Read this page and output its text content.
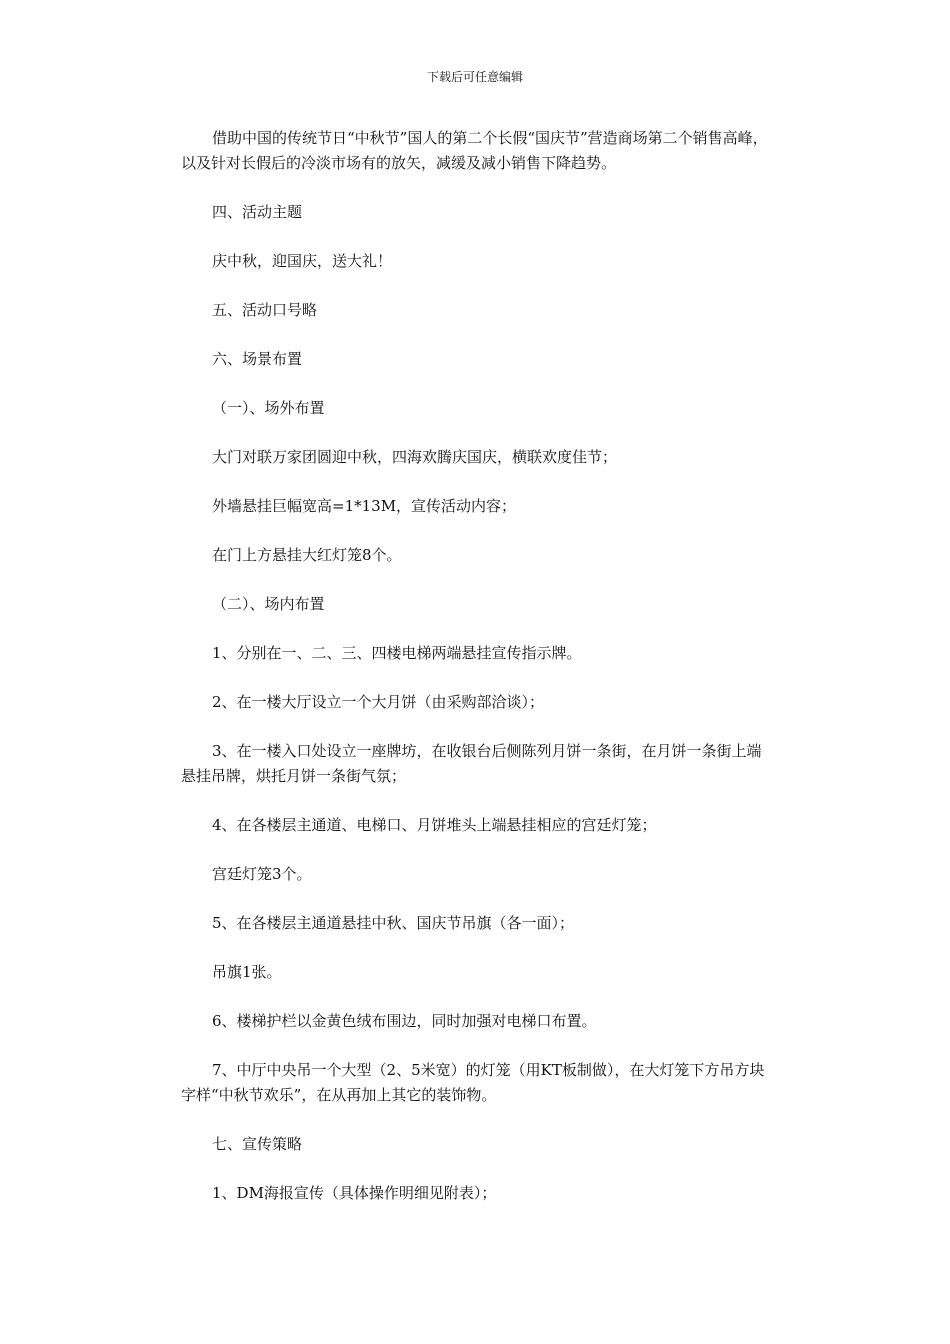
下载后可任意编辑

借助中国的传统节日“中秋节”国人的第二个长假“国庆节”营造商场第二个销售高峰，以及针对长假后的冷淡市场有的放矢，减缓及减小销售下降趋势。

四、活动主题

庆中秋，迎国庆，送大礼！

五、活动口号略

六、场景布置

（一）、场外布置

大门对联万家团圆迎中秋，四海欢腾庆国庆，横联欢度佳节；

外墙悬挂巨幅宽高=1*13M，宣传活动内容；

在门上方悬挂大红灯笼8个。

（二）、场内布置

1、分别在一、二、三、四楼电梯两端悬挂宣传指示牌。

2、在一楼大厅设立一个大月饼（由采购部洽谈）；

3、在一楼入口处设立一座牌坊，在收银台后侧陈列月饼一条街，在月饼一条街上端悬挂吊牌，烘托月饼一条街气氛；

4、在各楼层主通道、电梯口、月饼堆头上端悬挂相应的宫廷灯笼；

宫廷灯笼3个。

5、在各楼层主通道悬挂中秋、国庆节吊旗（各一面）；

吊旗1张。

6、楼梯护栏以金黄色绒布围边，同时加强对电梯口布置。

7、中厅中央吊一个大型（2、5米宽）的灯笼（用KT板制做），在大灯笼下方吊方块字样“中秋节欢乐”，在从再加上其它的装饰物。

七、宣传策略

1、DM海报宣传（具体操作明细见附表）；
